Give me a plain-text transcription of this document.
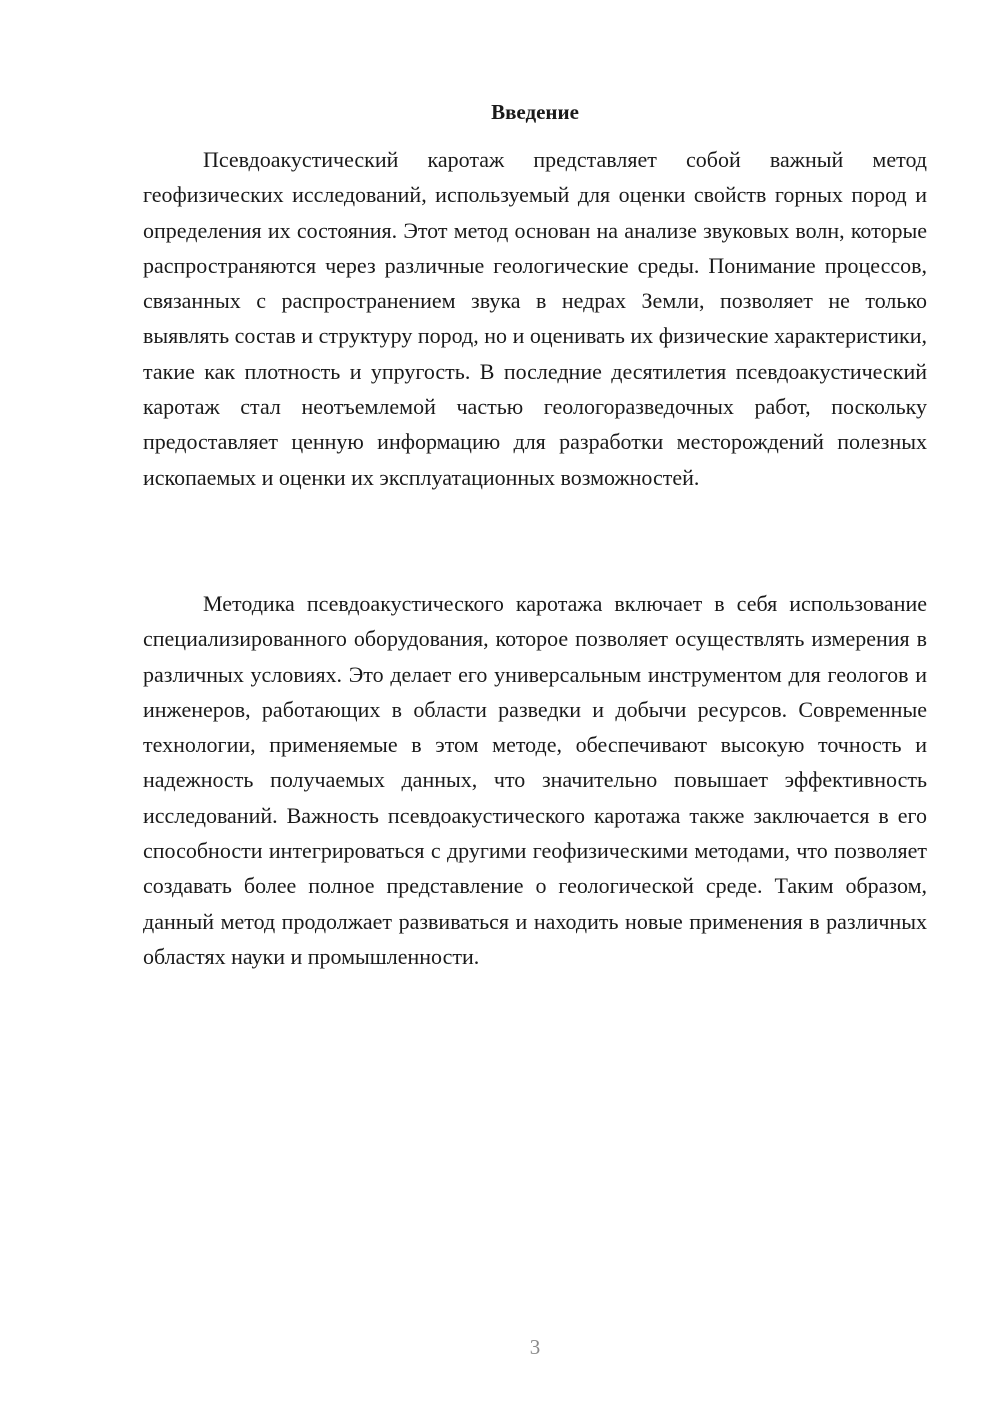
Введение

Псевдоакустический каротаж представляет собой важный метод геофизических исследований, используемый для оценки свойств горных пород и определения их состояния. Этот метод основан на анализе звуковых волн, которые распространяются через различные геологические среды. Понимание процессов, связанных с распространением звука в недрах Земли, позволяет не только выявлять состав и структуру пород, но и оценивать их физические характеристики, такие как плотность и упругость. В последние десятилетия псевдоакустический каротаж стал неотъемлемой частью геологоразведочных работ, поскольку предоставляет ценную информацию для разработки месторождений полезных ископаемых и оценки их эксплуатационных возможностей.

Методика псевдоакустического каротажа включает в себя использование специализированного оборудования, которое позволяет осуществлять измерения в различных условиях. Это делает его универсальным инструментом для геологов и инженеров, работающих в области разведки и добычи ресурсов. Современные технологии, применяемые в этом методе, обеспечивают высокую точность и надежность получаемых данных, что значительно повышает эффективность исследований. Важность псевдоакустического каротажа также заключается в его способности интегрироваться с другими геофизическими методами, что позволяет создавать более полное представление о геологической среде. Таким образом, данный метод продолжает развиваться и находить новые применения в различных областях науки и промышленности.

3
